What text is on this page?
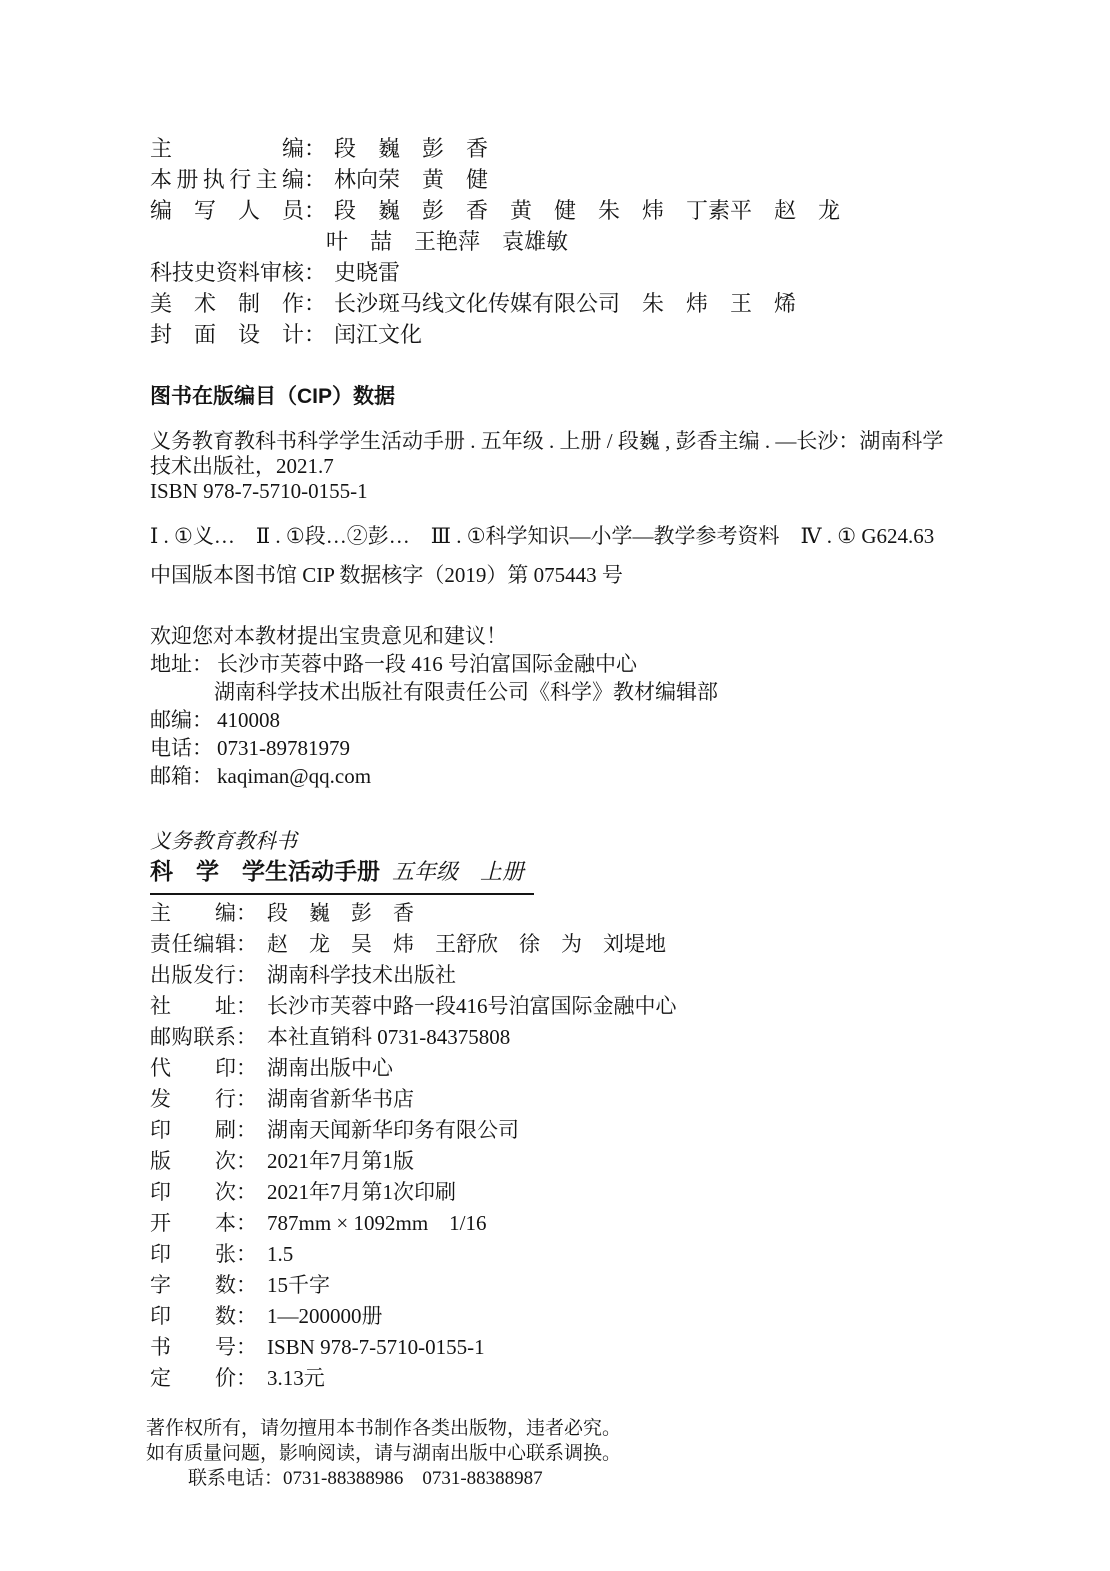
主编： 段　巍　彭　香
本册执行主编： 林向荣　黄　健
编写人员： 段　巍　彭　香　黄　健　朱　炜　丁素平　赵　龙
叶　喆　王艳萍　袁雄敏
科技史资料审核： 史晓雷
美术制作： 长沙斑马线文化传媒有限公司　朱　炜　王　烯
封面设计： 闰江文化
图书在版编目（CIP）数据
义务教育教科书科学学生活动手册 . 五年级 . 上册 / 段巍 , 彭香主编 . —长沙：湖南科学
技术出版社，2021.7
ISBN 978-7-5710-0155-1
Ⅰ . ①义…　Ⅱ . ①段…②彭…　Ⅲ . ①科学知识—小学—教学参考资料　Ⅳ . ① G624.63
中国版本图书馆 CIP 数据核字（2019）第 075443 号
欢迎您对本教材提出宝贵意见和建议！
地址： 长沙市芙蓉中路一段 416 号泊富国际金融中心
湖南科学技术出版社有限责任公司《科学》教材编辑部
邮编： 410008
电话： 0731-89781979
邮箱： kaqiman@qq.com
义务教育教科书
科　学　学生活动手册 五年级　上册
主编： 段　巍　彭　香
责任编辑： 赵　龙　吴　炜　王舒欣　徐　为　刘堤地
出版发行： 湖南科学技术出版社
社址： 长沙市芙蓉中路一段416号泊富国际金融中心
邮购联系： 本社直销科 0731-84375808
代印： 湖南出版中心
发行： 湖南省新华书店
印刷： 湖南天闻新华印务有限公司
版次： 2021年7月第1版
印次： 2021年7月第1次印刷
开本： 787mm × 1092mm　1/16
印张： 1.5
字数： 15千字
印数： 1—200000册
书号： ISBN 978-7-5710-0155-1
定价： 3.13元
著作权所有，请勿擅用本书制作各类出版物，违者必究。
如有质量问题，影响阅读，请与湖南出版中心联系调换。
联系电话：0731-88388986　0731-88388987
